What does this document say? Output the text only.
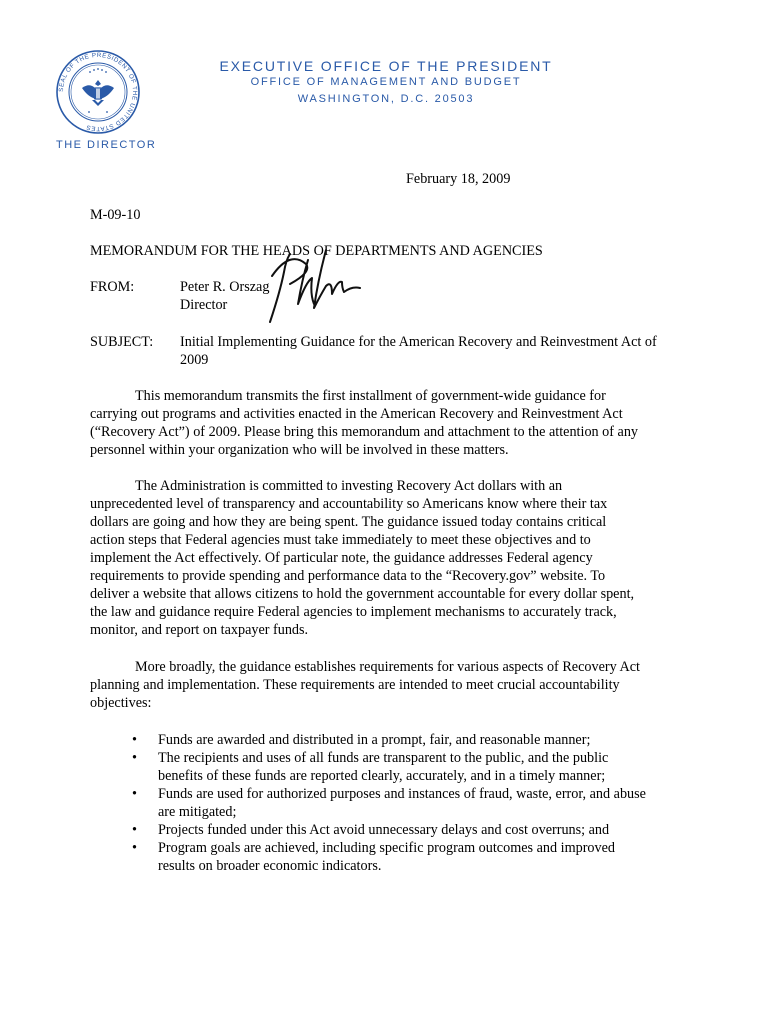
SEAL OF THE PRESIDENT OF THE UNITED STATES
THE DIRECTOR
EXECUTIVE OFFICE OF THE PRESIDENT
OFFICE OF MANAGEMENT AND BUDGET
WASHINGTON, D.C. 20503
February 18, 2009
M-09-10
MEMORANDUM FOR THE HEADS OF DEPARTMENTS AND AGENCIES
FROM:	Peter R. Orszag
Director
SUBJECT: Initial Implementing Guidance for the American Recovery and Reinvestment Act of 2009
This memorandum transmits the first installment of government-wide guidance for
carrying out programs and activities enacted in the American Recovery and Reinvestment Act
(“Recovery Act”) of 2009. Please bring this memorandum and attachment to the attention of any
personnel within your organization who will be involved in these matters.
The Administration is committed to investing Recovery Act dollars with an
unprecedented level of transparency and accountability so Americans know where their tax
dollars are going and how they are being spent. The guidance issued today contains critical
action steps that Federal agencies must take immediately to meet these objectives and to
implement the Act effectively. Of particular note, the guidance addresses Federal agency
requirements to provide spending and performance data to the “Recovery.gov” website. To
deliver a website that allows citizens to hold the government accountable for every dollar spent,
the law and guidance require Federal agencies to implement mechanisms to accurately track,
monitor, and report on taxpayer funds.
More broadly, the guidance establishes requirements for various aspects of Recovery Act
planning and implementation. These requirements are intended to meet crucial accountability
objectives:
• Funds are awarded and distributed in a prompt, fair, and reasonable manner;
• The recipients and uses of all funds are transparent to the public, and the public
benefits of these funds are reported clearly, accurately, and in a timely manner;
• Funds are used for authorized purposes and instances of fraud, waste, error, and abuse
are mitigated;
• Projects funded under this Act avoid unnecessary delays and cost overruns; and
• Program goals are achieved, including specific program outcomes and improved
results on broader economic indicators.
